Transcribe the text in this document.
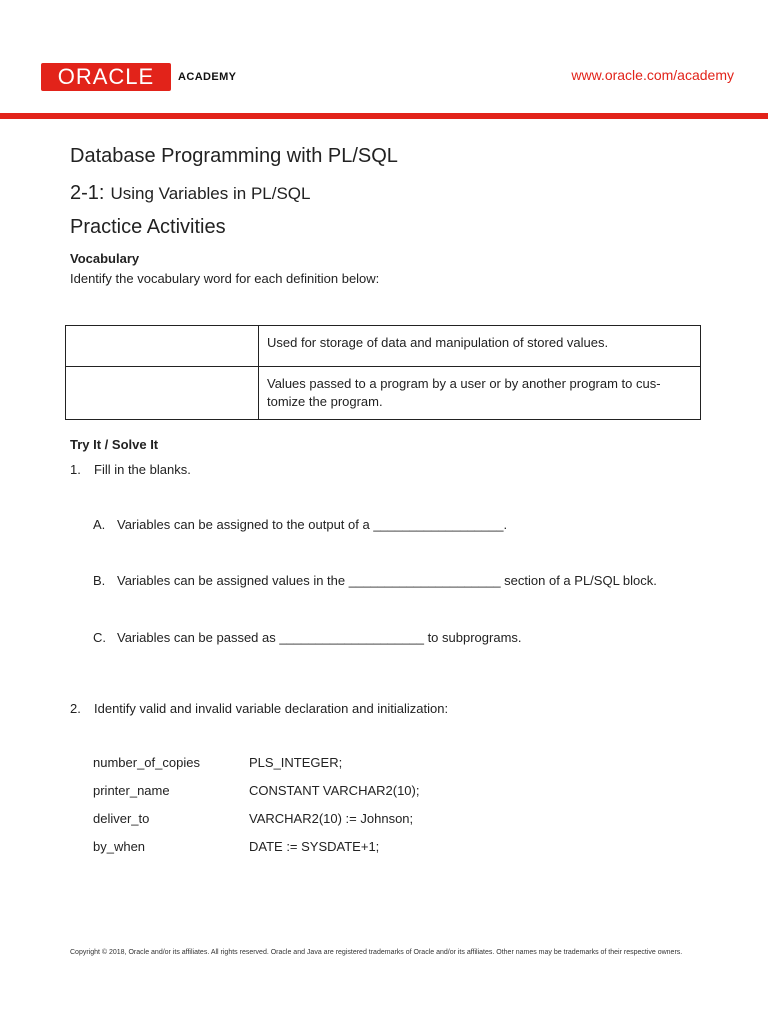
ORACLE ACADEMY	www.oracle.com/academy
Database Programming with PL/SQL
2-1: Using Variables in PL/SQL
Practice Activities
Vocabulary
Identify the vocabulary word for each definition below:
	Used for storage of data and manipulation of stored values.
	Values passed to a program by a user or by another program to cus-tomize the program.
Try It / Solve It
1. Fill in the blanks.
A. Variables can be assigned to the output of a __________________.
B. Variables can be assigned values in the _____________________ section of a PL/SQL block.
C. Variables can be passed as ____________________ to subprograms.
2. Identify valid and invalid variable declaration and initialization:
number_of_copies	PLS_INTEGER;
printer_name	CONSTANT VARCHAR2(10);
deliver_to	VARCHAR2(10) := Johnson;
by_when	DATE := SYSDATE+1;
Copyright © 2018, Oracle and/or its affiliates. All rights reserved. Oracle and Java are registered trademarks of Oracle and/or its affiliates. Other names may be trademarks of their respective owners.
